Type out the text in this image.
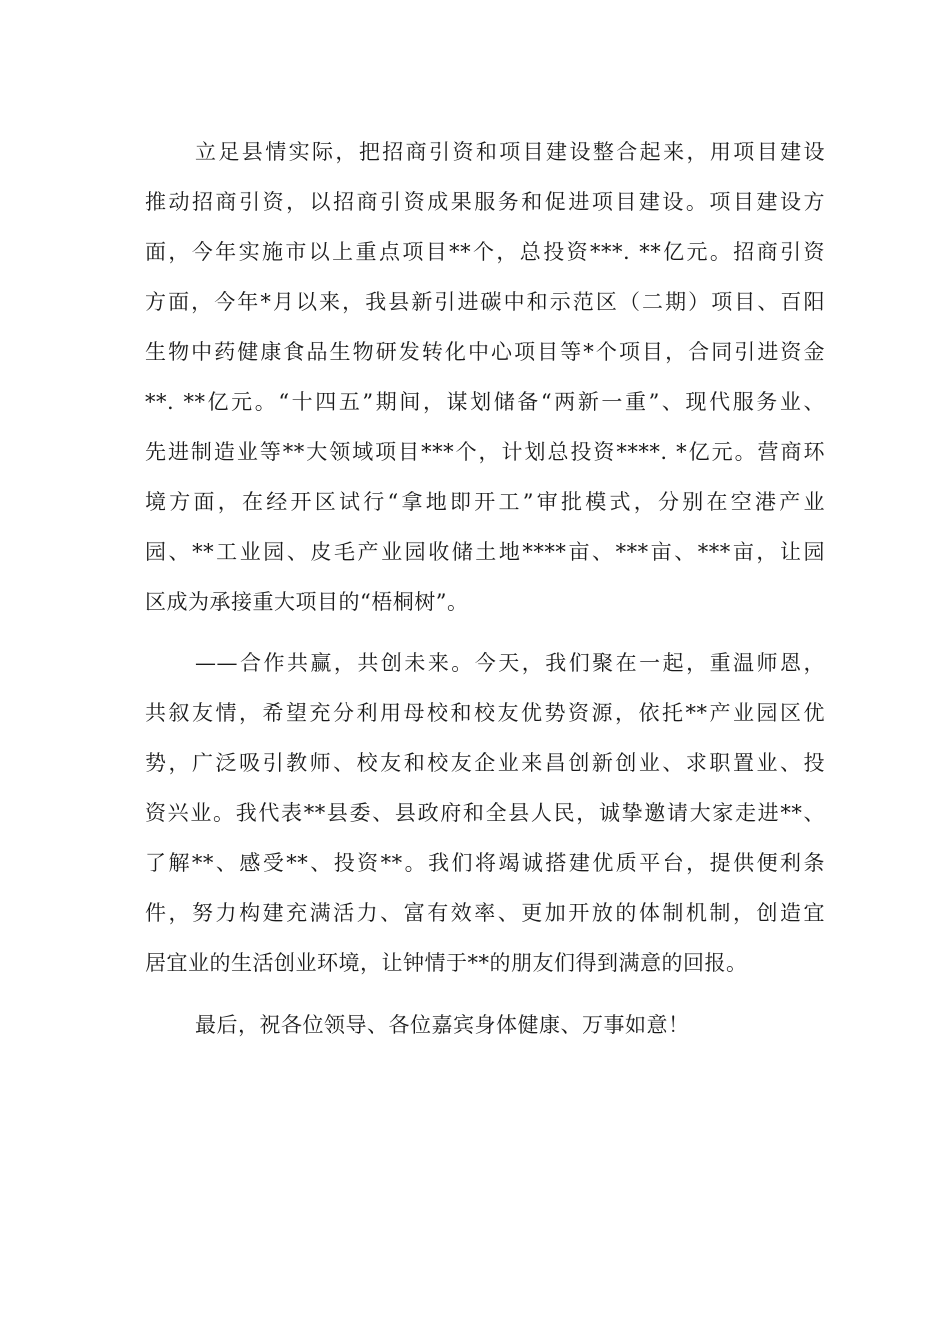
立足县情实际，把招商引资和项目建设整合起来，用项目建设
推动招商引资，以招商引资成果服务和促进项目建设。项目建设方
面，今年实施市以上重点项目**个，总投资***. **亿元。招商引资
方面，今年*月以来，我县新引进碳中和示范区（二期）项目、百阳
生物中药健康食品生物研发转化中心项目等*个项目，合同引进资金
**. **亿元。“十四五”期间，谋划储备“两新一重”、现代服务业、
先进制造业等**大领域项目***个，计划总投资****. *亿元。营商环
境方面，在经开区试行“拿地即开工”审批模式，分别在空港产业
园、**工业园、皮毛产业园收储土地****亩、***亩、***亩，让园
区成为承接重大项目的“梧桐树”。
——合作共赢，共创未来。今天，我们聚在一起，重温师恩，
共叙友情，希望充分利用母校和校友优势资源，依托**产业园区优
势，广泛吸引教师、校友和校友企业来昌创新创业、求职置业、投
资兴业。我代表**县委、县政府和全县人民，诚挚邀请大家走进**、
了解**、感受**、投资**。我们将竭诚搭建优质平台，提供便利条
件，努力构建充满活力、富有效率、更加开放的体制机制，创造宜
居宜业的生活创业环境，让钟情于**的朋友们得到满意的回报。
最后，祝各位领导、各位嘉宾身体健康、万事如意！
